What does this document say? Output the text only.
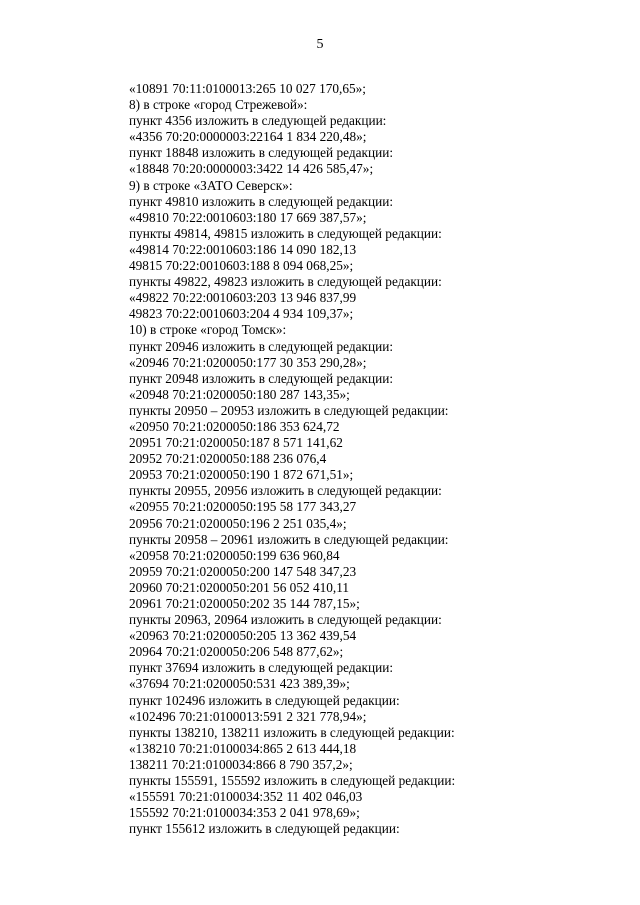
5
«10891 70:11:0100013:265 10 027 170,65»;
8) в строке «город Стрежевой»:
пункт 4356 изложить в следующей редакции:
«4356 70:20:0000003:22164 1 834 220,48»;
пункт 18848 изложить в следующей редакции:
«18848 70:20:0000003:3422 14 426 585,47»;
9) в строке «ЗАТО Северск»:
пункт 49810 изложить в следующей редакции:
«49810 70:22:0010603:180 17 669 387,57»;
пункты 49814, 49815 изложить в следующей редакции:
«49814 70:22:0010603:186 14 090 182,13
49815 70:22:0010603:188 8 094 068,25»;
пункты 49822, 49823 изложить в следующей редакции:
«49822 70:22:0010603:203 13 946 837,99
49823 70:22:0010603:204 4 934 109,37»;
10) в строке «город Томск»:
пункт 20946 изложить в следующей редакции:
«20946 70:21:0200050:177 30 353 290,28»;
пункт 20948 изложить в следующей редакции:
«20948 70:21:0200050:180 287 143,35»;
пункты 20950 – 20953 изложить в следующей редакции:
«20950 70:21:0200050:186 353 624,72
20951 70:21:0200050:187 8 571 141,62
20952 70:21:0200050:188 236 076,4
20953 70:21:0200050:190 1 872 671,51»;
пункты 20955, 20956 изложить в следующей редакции:
«20955 70:21:0200050:195 58 177 343,27
20956 70:21:0200050:196 2 251 035,4»;
пункты 20958 – 20961 изложить в следующей редакции:
«20958 70:21:0200050:199 636 960,84
20959 70:21:0200050:200 147 548 347,23
20960 70:21:0200050:201 56 052 410,11
20961 70:21:0200050:202 35 144 787,15»;
пункты 20963, 20964 изложить в следующей редакции:
«20963 70:21:0200050:205 13 362 439,54
20964 70:21:0200050:206 548 877,62»;
пункт 37694 изложить в следующей редакции:
«37694 70:21:0200050:531 423 389,39»;
пункт 102496 изложить в следующей редакции:
«102496 70:21:0100013:591 2 321 778,94»;
пункты 138210, 138211 изложить в следующей редакции:
«138210 70:21:0100034:865 2 613 444,18
138211 70:21:0100034:866 8 790 357,2»;
пункты 155591, 155592 изложить в следующей редакции:
«155591 70:21:0100034:352 11 402 046,03
155592 70:21:0100034:353 2 041 978,69»;
пункт 155612 изложить в следующей редакции:
